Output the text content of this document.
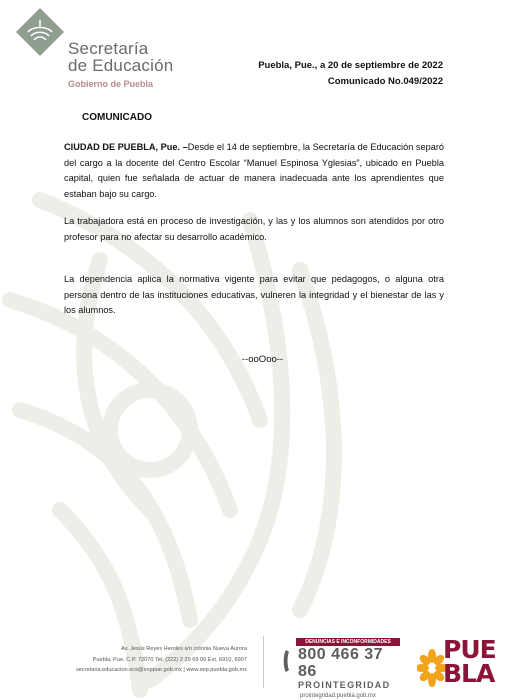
Secretaría
de Educación
Gobierno de Puebla
Puebla, Pue., a 20 de septiembre de 2022
Comunicado No.049/2022
COMUNICADO
CIUDAD DE PUEBLA, Pue. –Desde el 14 de septiembre, la Secretaría de Educación separó del cargo a la docente del Centro Escolar “Manuel Espinosa Yglesias”, ubicado en Puebla capital, quien fue señalada de actuar de manera inadecuada ante los aprendientes que estaban bajo su cargo.
La trabajadora está en proceso de investigación, y las y los alumnos son atendidos por otro profesor para no afectar su desarrollo académico.
La dependencia aplica la normativa vigente para evitar que pedagogos, o alguna otra persona dentro de las instituciones educativas, vulneren la integridad y el bienestar de las y los alumnos.
--ooOoo--
Av. Jesús Reyes Heroles s/n colonia Nueva Aurora
Puebla, Pue. C.P. 72070 Tel. (222) 2 29 69 00 Ext. 6910, 6907
secretaria.educacion.ocs@seppue.gob.mx | www.sep.puebla.gob.mx
DENUNCIAS E INCONFORMIDADES
800 466 37 86
PROINTEGRIDAD
prointegridad.puebla.gob.mx
PUE
BLA
